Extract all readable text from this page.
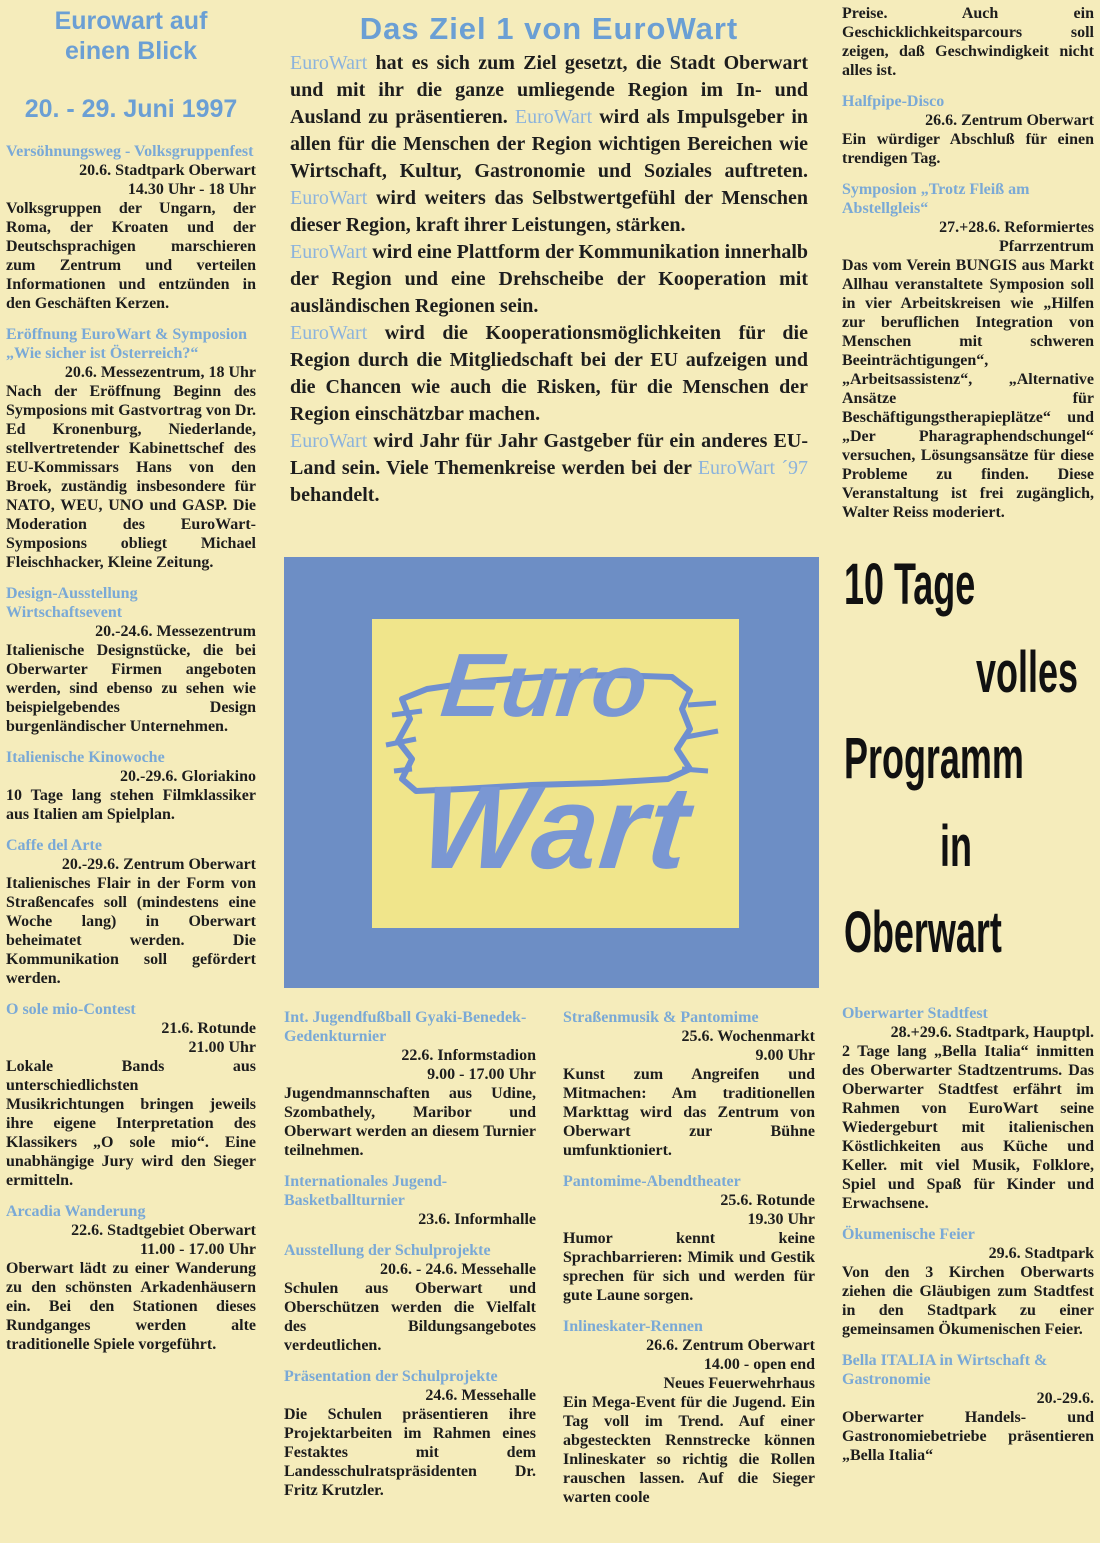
Eurowart auf
einen Blick
20. - 29. Juni 1997
Versöhnungsweg - Volksgruppenfest
20.6. Stadtpark Oberwart
14.30 Uhr - 18 Uhr
Volksgruppen der Ungarn, der Roma, der Kroaten und der Deutschsprachigen marschieren zum Zentrum und verteilen Informationen und entzünden in den Geschäften Kerzen.
Eröffnung EuroWart & Symposion „Wie sicher ist Österreich?“
20.6. Messezentrum, 18 Uhr
Nach der Eröffnung Beginn des Symposions mit Gastvortrag von Dr. Ed Kronenburg, Niederlande, stellvertretender Kabinettschef des EU-Kommissars Hans von den Broek, zuständig insbesondere für NATO, WEU, UNO und GASP. Die Moderation des EuroWart-Symposions obliegt Michael Fleischhacker, Kleine Zeitung.
Design-Ausstellung Wirtschaftsevent
20.-24.6. Messezentrum
Italienische Designstücke, die bei Oberwarter Firmen angeboten werden, sind ebenso zu sehen wie beispielgebendes Design burgenländischer Unternehmen.
Italienische Kinowoche
20.-29.6. Gloriakino
10 Tage lang stehen Filmklassiker aus Italien am Spielplan.
Caffe del Arte
20.-29.6. Zentrum Oberwart
Italienisches Flair in der Form von Straßencafes soll (mindestens eine Woche lang) in Oberwart beheimatet werden. Die Kommunikation soll gefördert werden.
O sole mio-Contest
21.6. Rotunde
21.00 Uhr
Lokale Bands aus unterschiedlichsten Musikrichtungen bringen jeweils ihre eigene Interpretation des Klassikers „O sole mio“. Eine unabhängige Jury wird den Sieger ermitteln.
Arcadia Wanderung
22.6. Stadtgebiet Oberwart
11.00 - 17.00 Uhr
Oberwart lädt zu einer Wanderung zu den schönsten Arkadenhäusern ein. Bei den Stationen dieses Rundganges werden alte traditionelle Spiele vorgeführt.
Das Ziel 1 von EuroWart

EuroWart hat es sich zum Ziel gesetzt, die Stadt Oberwart und mit ihr die ganze umliegende Region im In- und Ausland zu präsentieren. EuroWart wird als Impulsgeber in allen für die Menschen der Region wichtigen Bereichen wie Wirtschaft, Kultur, Gastronomie und Soziales auftreten. EuroWart wird weiters das Selbstwertgefühl der Menschen dieser Region, kraft ihrer Leistungen, stärken.

EuroWart wird eine Plattform der Kommunikation innerhalb der Region und eine Drehscheibe der Kooperation mit ausländischen Regionen sein.

EuroWart wird die Kooperationsmöglichkeiten für die Region durch die Mitgliedschaft bei der EU aufzeigen und die Chancen wie auch die Risken, für die Menschen der Region einschätzbar machen.

EuroWart wird Jahr für Jahr Gastgeber für ein anderes EU-Land sein. Viele Themenkreise werden bei der EuroWart ´97 behandelt.

Euro
Wart
10 Tage
volles
Programm
in
Oberwart
Int. Jugendfußball Gyaki-Benedek-Gedenkturnier
22.6. Informstadion
9.00 - 17.00 Uhr
Jugendmannschaften aus Udine, Szombathely, Maribor und Oberwart werden an diesem Turnier teilnehmen.
Internationales Jugend-Basketballturnier
23.6. Informhalle
Ausstellung der Schulprojekte
20.6. - 24.6. Messehalle
Schulen aus Oberwart und Oberschützen werden die Vielfalt des Bildungsangebotes verdeutlichen.
Präsentation der Schulprojekte
24.6. Messehalle
Die Schulen präsentieren ihre Projektarbeiten im Rahmen eines Festaktes mit dem Landesschulratspräsidenten Dr. Fritz Krutzler.
Straßenmusik & Pantomime
25.6. Wochenmarkt
9.00 Uhr
Kunst zum Angreifen und Mitmachen: Am traditionellen Markttag wird das Zentrum von Oberwart zur Bühne umfunktioniert.
Pantomime-Abendtheater
25.6. Rotunde
19.30 Uhr
Humor kennt keine Sprachbarrieren: Mimik und Gestik sprechen für sich und werden für gute Laune sorgen.
Inlineskater-Rennen
26.6. Zentrum Oberwart
14.00 - open end
Neues Feuerwehrhaus
Ein Mega-Event für die Jugend. Ein Tag voll im Trend. Auf einer abgesteckten Rennstrecke können Inlineskater so richtig die Rollen rauschen lassen. Auf die Sieger warten coole
Preise. Auch ein Geschicklichkeitsparcours soll zeigen, daß Geschwindigkeit nicht alles ist.
Halfpipe-Disco
26.6. Zentrum Oberwart
Ein würdiger Abschluß für einen trendigen Tag.
Symposion „Trotz Fleiß am Abstellgleis“
27.+28.6. Reformiertes
Pfarrzentrum
Das vom Verein BUNGIS aus Markt Allhau veranstaltete Symposion soll in vier Arbeitskreisen wie „Hilfen zur beruflichen Integration von Menschen mit schweren Beeinträchtigungen“, „Arbeitsassistenz“, „Alternative Ansätze für Beschäftigungstherapieplätze“ und „Der Pharagraphendschungel“ versuchen, Lösungsansätze für diese Probleme zu finden. Diese Veranstaltung ist frei zugänglich, Walter Reiss moderiert.
Oberwarter Stadtfest
28.+29.6. Stadtpark, Hauptpl.
2 Tage lang „Bella Italia“ inmitten des Oberwarter Stadtzentrums. Das Oberwarter Stadtfest erfährt im Rahmen von EuroWart seine Wiedergeburt mit italienischen Köstlichkeiten aus Küche und Keller. mit viel Musik, Folklore, Spiel und Spaß für Kinder und Erwachsene.
Ökumenische Feier
29.6. Stadtpark
Von den 3 Kirchen Oberwarts ziehen die Gläubigen zum Stadtfest in den Stadtpark zu einer gemeinsamen Ökumenischen Feier.
Bella ITALIA in Wirtschaft & Gastronomie
20.-29.6.
Oberwarter Handels- und Gastronomiebetriebe präsentieren „Bella Italia“
